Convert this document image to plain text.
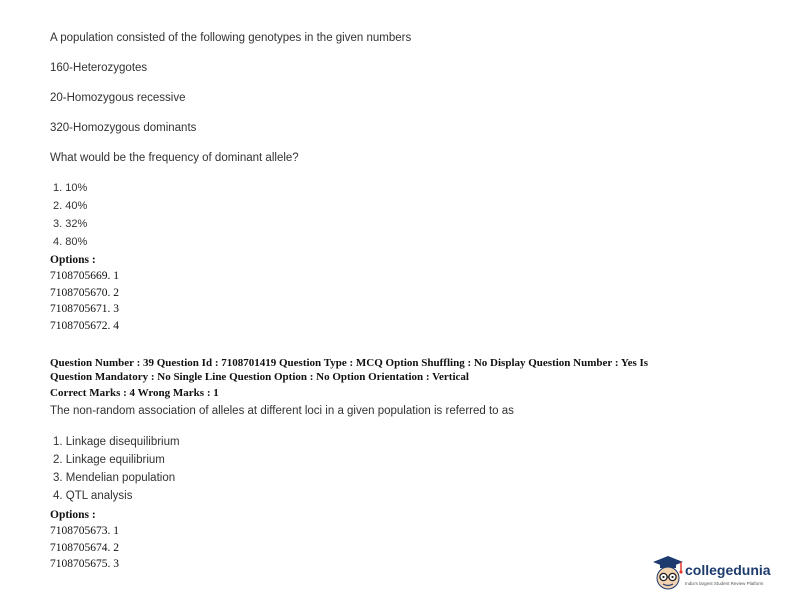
A population consisted of the following genotypes in the given numbers
160-Heterozygotes
20-Homozygous recessive
320-Homozygous dominants
What would be the frequency of dominant allele?
1. 10%
2. 40%
3. 32%
4. 80%
Options :
7108705669. 1
7108705670. 2
7108705671. 3
7108705672. 4
Question Number : 39 Question Id : 7108701419 Question Type : MCQ Option Shuffling : No Display Question Number : Yes Is
Question Mandatory : No Single Line Question Option : No Option Orientation : Vertical
Correct Marks : 4 Wrong Marks : 1
The non-random association of alleles at different loci in a given population is referred to as
1. Linkage disequilibrium
2. Linkage equilibrium
3. Mendelian population
4. QTL analysis
Options :
7108705673. 1
7108705674. 2
7108705675. 3	collegedunia
India's largest Student Review Platform
